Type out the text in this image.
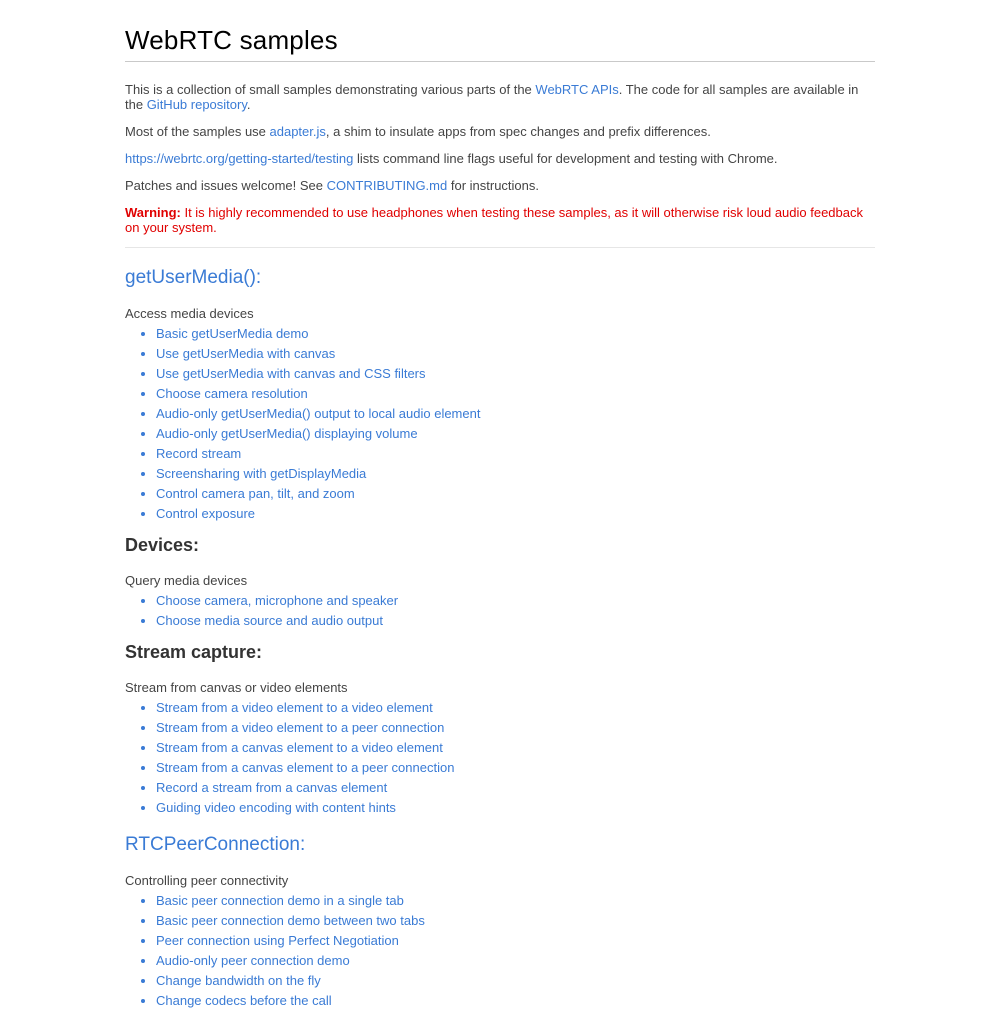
WebRTC samples

This is a collection of small samples demonstrating various parts of the WebRTC APIs. The code for all samples are available in the GitHub repository.

Most of the samples use adapter.js, a shim to insulate apps from spec changes and prefix differences.

https://webrtc.org/getting-started/testing lists command line flags useful for development and testing with Chrome.

Patches and issues welcome! See CONTRIBUTING.md for instructions.

Warning: It is highly recommended to use headphones when testing these samples, as it will otherwise risk loud audio feedback on your system.

getUserMedia():

Access media devices

• Basic getUserMedia demo
• Use getUserMedia with canvas
• Use getUserMedia with canvas and CSS filters
• Choose camera resolution
• Audio-only getUserMedia() output to local audio element
• Audio-only getUserMedia() displaying volume
• Record stream
• Screensharing with getDisplayMedia
• Control camera pan, tilt, and zoom
• Control exposure
Devices:

Query media devices

• Choose camera, microphone and speaker
• Choose media source and audio output
Stream capture:

Stream from canvas or video elements

• Stream from a video element to a video element
• Stream from a video element to a peer connection
• Stream from a canvas element to a video element
• Stream from a canvas element to a peer connection
• Record a stream from a canvas element
• Guiding video encoding with content hints
RTCPeerConnection:

Controlling peer connectivity

• Basic peer connection demo in a single tab
• Basic peer connection demo between two tabs
• Peer connection using Perfect Negotiation
• Audio-only peer connection demo
• Change bandwidth on the fly
• Change codecs before the call
